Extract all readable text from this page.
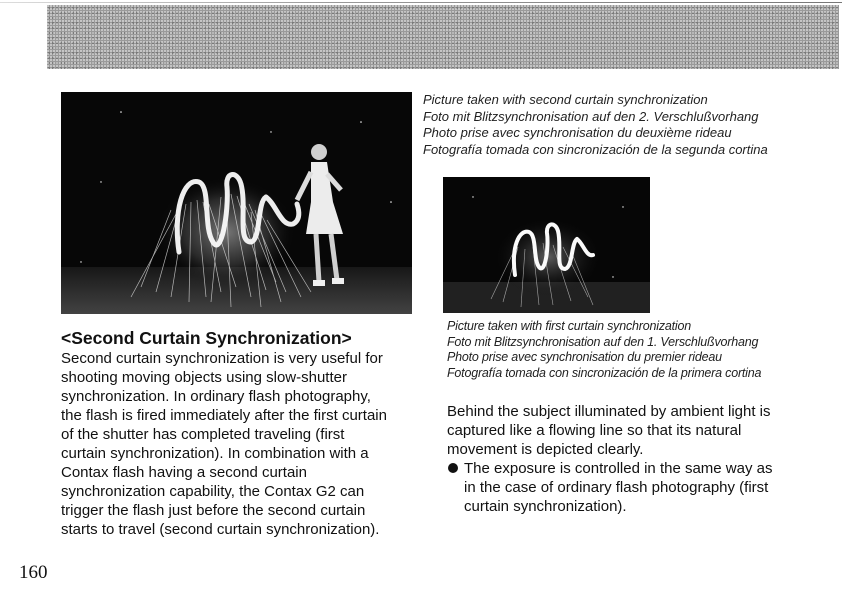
Picture taken with second curtain synchronization
Foto mit Blitzsynchronisation auf den 2. Verschlußvorhang
Photo prise avec synchronisation du deuxième rideau
Fotografía tomada con sincronización de la segunda cortina
Picture taken with first curtain synchronization
Foto mit Blitzsynchronisation auf den 1. Verschlußvorhang
Photo prise avec synchronisation du premier rideau
Fotografía tomada con sincronización de la primera cortina
<Second Curtain Synchronization>
Second curtain synchronization is very useful for
shooting moving objects using slow-shutter
synchronization. In ordinary flash photography,
the flash is fired immediately after the first curtain
of the shutter has completed traveling (first
curtain synchronization). In combination with a
Contax flash having a second curtain
synchronization capability, the Contax G2 can
trigger the flash just before the second curtain
starts to travel (second curtain synchronization).
Behind the subject illuminated by ambient light is
captured like a flowing line so that its natural
movement is depicted clearly.
The exposure is controlled in the same way as
in the case of ordinary flash photography (first
curtain synchronization).
160
